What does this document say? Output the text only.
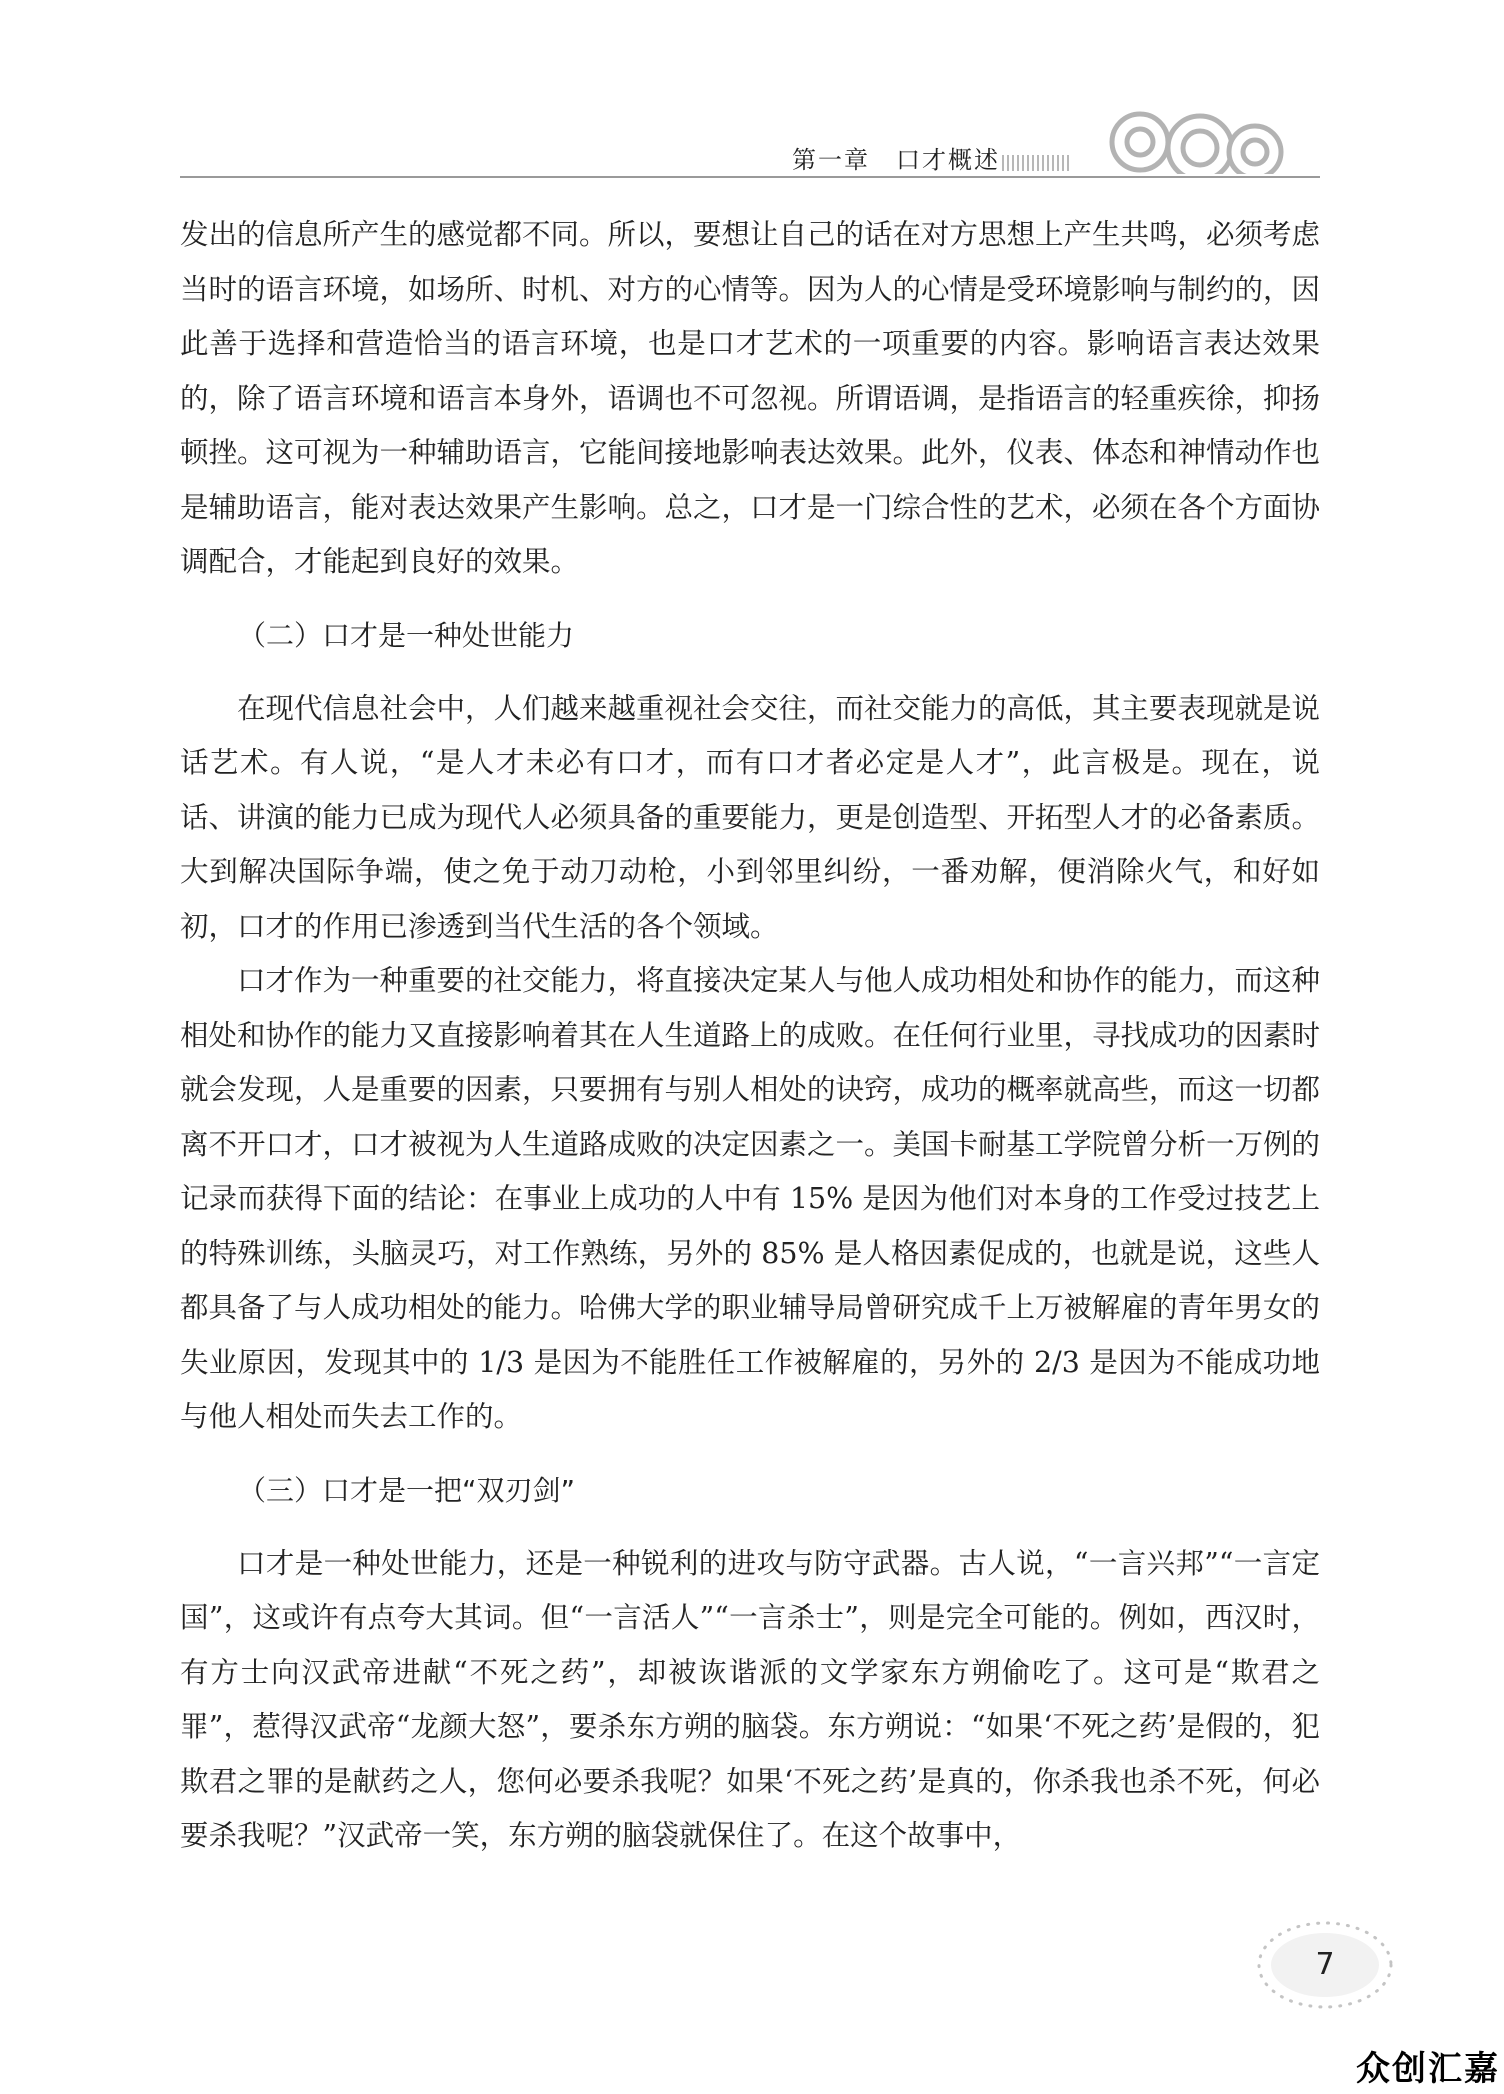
第一章　口才概述

发出的信息所产生的感觉都不同。所以，要想让自己的话在对方思想上产生共鸣，必须考虑当时的语言环境，如场所、时机、对方的心情等。因为人的心情是受环境影响与制约的，因此善于选择和营造恰当的语言环境，也是口才艺术的一项重要的内容。影响语言表达效果的，除了语言环境和语言本身外，语调也不可忽视。所谓语调，是指语言的轻重疾徐，抑扬顿挫。这可视为一种辅助语言，它能间接地影响表达效果。此外，仪表、体态和神情动作也是辅助语言，能对表达效果产生影响。总之，口才是一门综合性的艺术，必须在各个方面协调配合，才能起到良好的效果。

（二）口才是一种处世能力

在现代信息社会中，人们越来越重视社会交往，而社交能力的高低，其主要表现就是说话艺术。有人说，“是人才未必有口才，而有口才者必定是人才”，此言极是。现在，说话、讲演的能力已成为现代人必须具备的重要能力，更是创造型、开拓型人才的必备素质。大到解决国际争端，使之免于动刀动枪，小到邻里纠纷，一番劝解，便消除火气，和好如初，口才的作用已渗透到当代生活的各个领域。

口才作为一种重要的社交能力，将直接决定某人与他人成功相处和协作的能力，而这种相处和协作的能力又直接影响着其在人生道路上的成败。在任何行业里，寻找成功的因素时就会发现，人是重要的因素，只要拥有与别人相处的诀窍，成功的概率就高些，而这一切都离不开口才，口才被视为人生道路成败的决定因素之一。美国卡耐基工学院曾分析一万例的记录而获得下面的结论：在事业上成功的人中有 15% 是因为他们对本身的工作受过技艺上的特殊训练，头脑灵巧，对工作熟练，另外的 85% 是人格因素促成的，也就是说，这些人都具备了与人成功相处的能力。哈佛大学的职业辅导局曾研究成千上万被解雇的青年男女的失业原因，发现其中的 1/3 是因为不能胜任工作被解雇的，另外的 2/3 是因为不能成功地与他人相处而失去工作的。

（三）口才是一把“双刃剑”

口才是一种处世能力，还是一种锐利的进攻与防守武器。古人说，“一言兴邦”“一言定国”，这或许有点夸大其词。但“一言活人”“一言杀士”，则是完全可能的。例如，西汉时，有方士向汉武帝进献“不死之药”，却被诙谐派的文学家东方朔偷吃了。这可是“欺君之罪”，惹得汉武帝“龙颜大怒”，要杀东方朔的脑袋。东方朔说：“如果‘不死之药’是假的，犯欺君之罪的是献药之人，您何必要杀我呢？如果‘不死之药’是真的，你杀我也杀不死，何必要杀我呢？”汉武帝一笑，东方朔的脑袋就保住了。在这个故事中，

7
众创汇嘉
